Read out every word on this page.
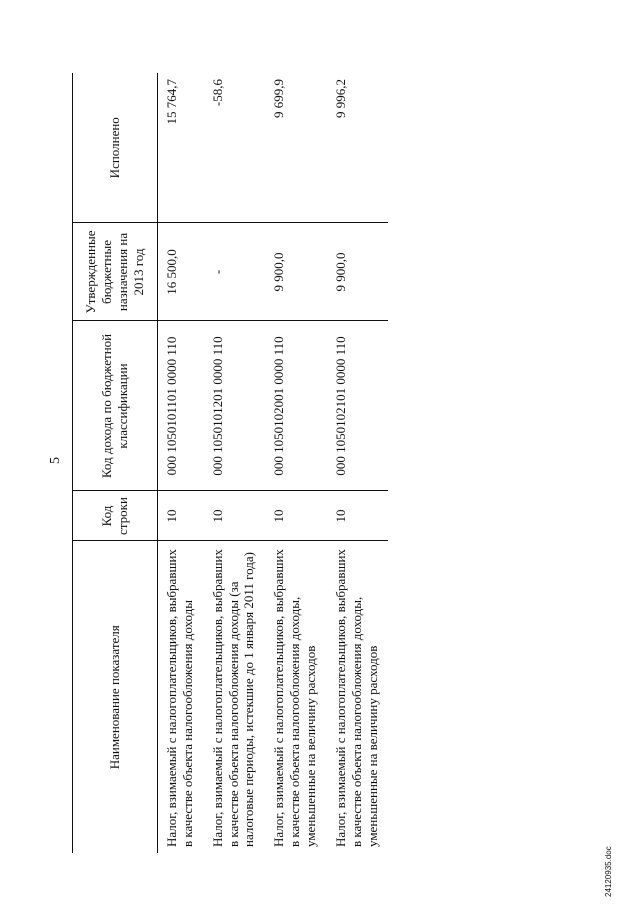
5
Наименование показателя	Код строки	Код дохода по бюджетной классификации	Утвержденные бюджетные назначения на 2013 год	Исполнено
Налог, взимаемый с налогоплательщиков, выбравших в качестве объекта налогообложения доходы	10	000 1050101101 0000 110	16 500,0	15 764,7
Налог, взимаемый с налогоплательщиков, выбравших в качестве объекта налогообложения доходы (за налоговые периоды, истекшие до 1 января 2011 года)	10	000 1050101201 0000 110	-	-58,6
Налог, взимаемый с налогоплательщиков, выбравших в качестве объекта налогообложения доходы, уменьшенные на величину расходов	10	000 1050102001 0000 110	9 900,0	9 699,9
Налог, взимаемый с налогоплательщиков, выбравших в качестве объекта налогообложения доходы, уменьшенные на величину расходов	10	000 1050102101 0000 110	9 900,0	9 996,2
24120935.doc
